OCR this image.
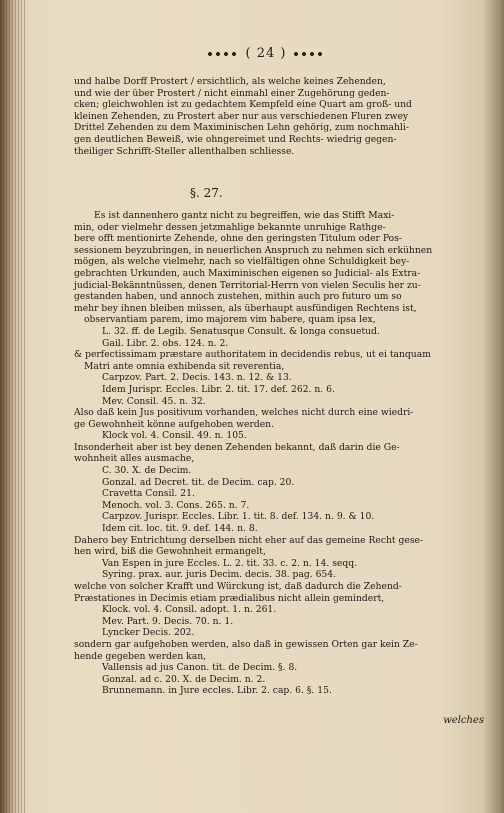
( 24 )
und halbe Dorff Prostert / ersichtlich, als welche keines Zehenden,
und wie der über Prostert / nicht einmahl einer Zugehörung geden-
cken; gleichwohlen ist zu gedachtem Kempfeld eine Quart am groß- und
kleinen Zehenden, zu Prostert aber nur aus verschiedenen Fluren zwey
Drittel Zehenden zu dem Maximinischen Lehn gehörig, zum nochmahli-
gen deutlichen Beweiß, wie ohngereimet und Rechts- wiedrig gegen-
theiliger Schrifft-Steller allenthalben schliesse.
§. 27.
Es ist dannenhero gantz nicht zu begreiffen, wie das Stifft Maxi-
min, oder vielmehr dessen jetzmahlige bekannte unruhige Rathge-
bere offt mentionirte Zehende, ohne den geringsten Titulum oder Pos-
sessionem beyzubringen, in neuerlichen Anspruch zu nehmen sich erkühnen
mögen, als welche vielmehr, nach so vielfältigen ohne Schuldigkeit bey-
gebrachten Urkunden, auch Maximinischen eigenen so Judicial- als Extra-
judicial-Bekänntnüssen, denen Territorial-Herrn von vielen Seculis her zu-
gestanden haben, und annoch zustehen, mithin auch pro futuro um so
mehr bey ihnen bleiben müssen, als überhaupt ausfündigen Rechtens ist,
observantiam parem, imo majorem vim habere, quam ipsa lex,
L. 32. ff. de Legib. Senatusque Consult. & longa consuetud.
Gail. Libr. 2. obs. 124. n. 2.
& perfectissimam præstare authoritatem in decidendis rebus, ut ei tanquam
Matri ante omnia exhibenda sit reverentia,
Carpzov. Part. 2. Decis. 143. n. 12. & 13.
Idem Jurispr. Eccles. Libr. 2. tit. 17. def. 262. n. 6.
Mev. Consil. 45. n. 32.
Also daß kein Jus positivum vorhanden, welches nicht durch eine wiedri-
ge Gewohnheit könne aufgehoben werden.
Klock vol. 4. Consil. 49. n. 105.
Insonderheit aber ist bey denen Zehenden bekannt, daß darin die Ge-
wohnheit alles ausmache,
C. 30. X. de Decim.
Gonzal. ad Decret. tit. de Decim. cap. 20.
Cravetta Consil. 21.
Menoch. vol. 3. Cons. 265. n. 7.
Carpzov. Jurispr. Eccles. Libr. 1. tit. 8. def. 134. n. 9. & 10.
Idem cit. loc. tit. 9. def. 144. n. 8.
Dahero bey Entrichtung derselben nicht eher auf das gemeine Recht gese-
hen wird, biß die Gewohnheit ermangelt,
Van Espen in jure Eccles. L. 2. tit. 33. c. 2. n. 14. seqq.
Syring. prax. aur. juris Decim. decis. 38. pag. 654.
welche von solcher Krafft und Würckung ist, daß dadurch die Zehend-
Præstationes in Decimis etiam prædialibus nicht allein gemindert,
Klock. vol. 4. Consil. adopt. 1. n. 261.
Mev. Part. 9. Decis. 70. n. 1.
Lyncker Decis. 202.
sondern gar aufgehoben werden, also daß in gewissen Orten gar kein Ze-
hende gegeben werden kan,
Vallensis ad jus Canon. tit. de Decim. §. 8.
Gonzal. ad c. 20. X. de Decim. n. 2.
Brunnemann. in Jure eccles. Libr. 2. cap. 6. §. 15.
welches
